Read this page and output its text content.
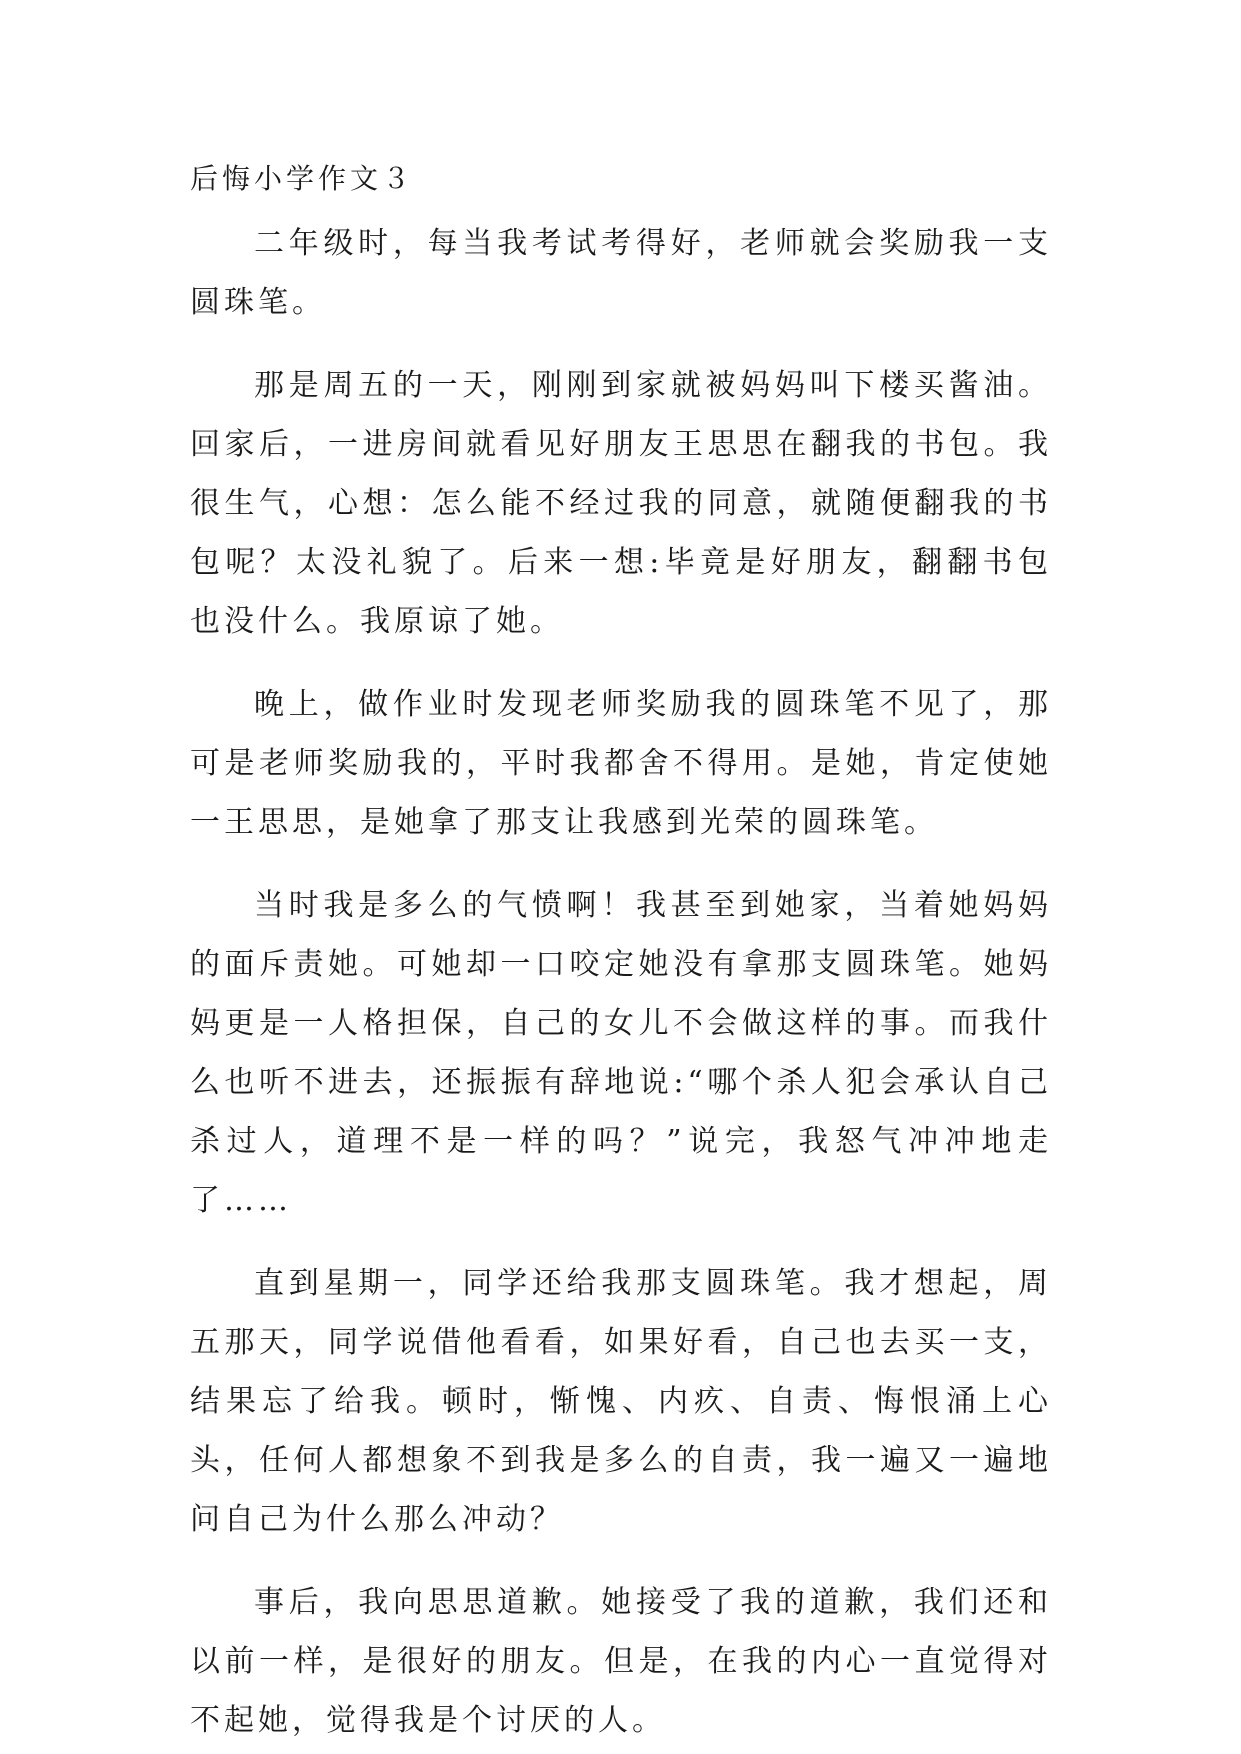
后悔小学作文３

二年级时，每当我考试考得好，老师就会奖励我一支圆珠笔。

那是周五的一天，刚刚到家就被妈妈叫下楼买酱油。回家后，一进房间就看见好朋友王思思在翻我的书包。我很生气，心想：怎么能不经过我的同意，就随便翻我的书包呢？太没礼貌了。后来一想:毕竟是好朋友，翻翻书包也没什么。我原谅了她。

晚上，做作业时发现老师奖励我的圆珠笔不见了，那可是老师奖励我的，平时我都舍不得用。是她，肯定使她一王思思，是她拿了那支让我感到光荣的圆珠笔。

当时我是多么的气愤啊！我甚至到她家，当着她妈妈的面斥责她。可她却一口咬定她没有拿那支圆珠笔。她妈妈更是一人格担保，自己的女儿不会做这样的事。而我什么也听不进去，还振振有辞地说:“哪个杀人犯会承认自己杀过人，道理不是一样的吗？”说完，我怒气冲冲地走了……

直到星期一，同学还给我那支圆珠笔。我才想起，周五那天，同学说借他看看，如果好看，自己也去买一支，结果忘了给我。顿时，惭愧、内疚、自责、悔恨涌上心头，任何人都想象不到我是多么的自责，我一遍又一遍地问自己为什么那么冲动？

事后，我向思思道歉。她接受了我的道歉，我们还和以前一样，是很好的朋友。但是，在我的内心一直觉得对不起她，觉得我是个讨厌的人。
